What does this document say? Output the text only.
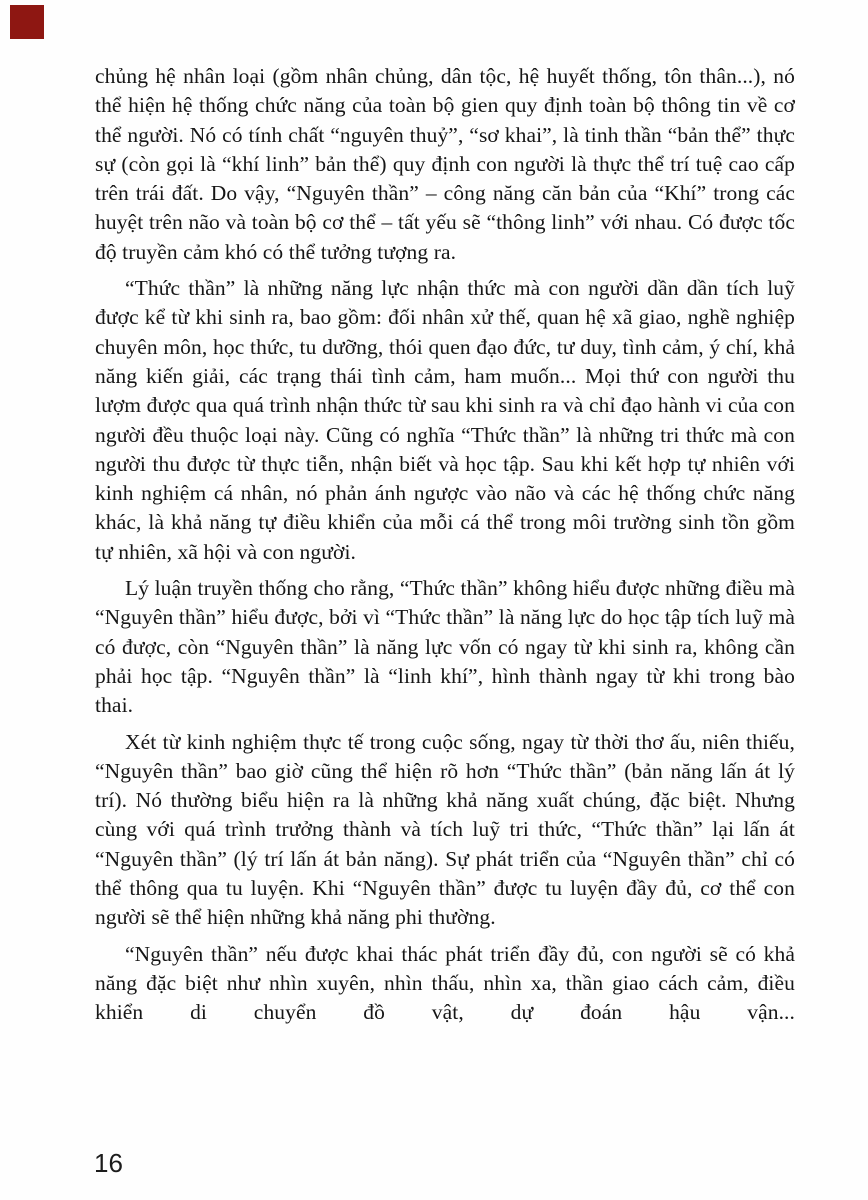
chủng hệ nhân loại (gồm nhân chủng, dân tộc, hệ huyết thống, tôn thân...), nó thể hiện hệ thống chức năng của toàn bộ gien quy định toàn bộ thông tin về cơ thể người. Nó có tính chất “nguyên thuỷ”, “sơ khai”, là tinh thần “bản thể” thực sự (còn gọi là “khí linh” bản thể) quy định con người là thực thể trí tuệ cao cấp trên trái đất. Do vậy, “Nguyên thần” – công năng căn bản của “Khí” trong các huyệt trên não và toàn bộ cơ thể – tất yếu sẽ “thông linh” với nhau. Có được tốc độ truyền cảm khó có thể tưởng tượng ra.

“Thức thần” là những năng lực nhận thức mà con người dần dần tích luỹ được kể từ khi sinh ra, bao gồm: đối nhân xử thế, quan hệ xã giao, nghề nghiệp chuyên môn, học thức, tu dưỡng, thói quen đạo đức, tư duy, tình cảm, ý chí, khả năng kiến giải, các trạng thái tình cảm, ham muốn... Mọi thứ con người thu lượm được qua quá trình nhận thức từ sau khi sinh ra và chỉ đạo hành vi của con người đều thuộc loại này. Cũng có nghĩa “Thức thần” là những tri thức mà con người thu được từ thực tiễn, nhận biết và học tập. Sau khi kết hợp tự nhiên với kinh nghiệm cá nhân, nó phản ánh ngược vào não và các hệ thống chức năng khác, là khả năng tự điều khiển của mỗi cá thể trong môi trường sinh tồn gồm tự nhiên, xã hội và con người.

Lý luận truyền thống cho rằng, “Thức thần” không hiểu được những điều mà “Nguyên thần” hiểu được, bởi vì “Thức thần” là năng lực do học tập tích luỹ mà có được, còn “Nguyên thần” là năng lực vốn có ngay từ khi sinh ra, không cần phải học tập. “Nguyên thần” là “linh khí”, hình thành ngay từ khi trong bào thai.

Xét từ kinh nghiệm thực tế trong cuộc sống, ngay từ thời thơ ấu, niên thiếu, “Nguyên thần” bao giờ cũng thể hiện rõ hơn “Thức thần” (bản năng lấn át lý trí). Nó thường biểu hiện ra là những khả năng xuất chúng, đặc biệt. Nhưng cùng với quá trình trưởng thành và tích luỹ tri thức, “Thức thần” lại lấn át “Nguyên thần” (lý trí lấn át bản năng). Sự phát triển của “Nguyên thần” chỉ có thể thông qua tu luyện. Khi “Nguyên thần” được tu luyện đầy đủ, cơ thể con người sẽ thể hiện những khả năng phi thường.

“Nguyên thần” nếu được khai thác phát triển đầy đủ, con người sẽ có khả năng đặc biệt như nhìn xuyên, nhìn thấu, nhìn xa, thần giao cách cảm, điều khiển di chuyển đồ vật, dự đoán hậu vận...

16
